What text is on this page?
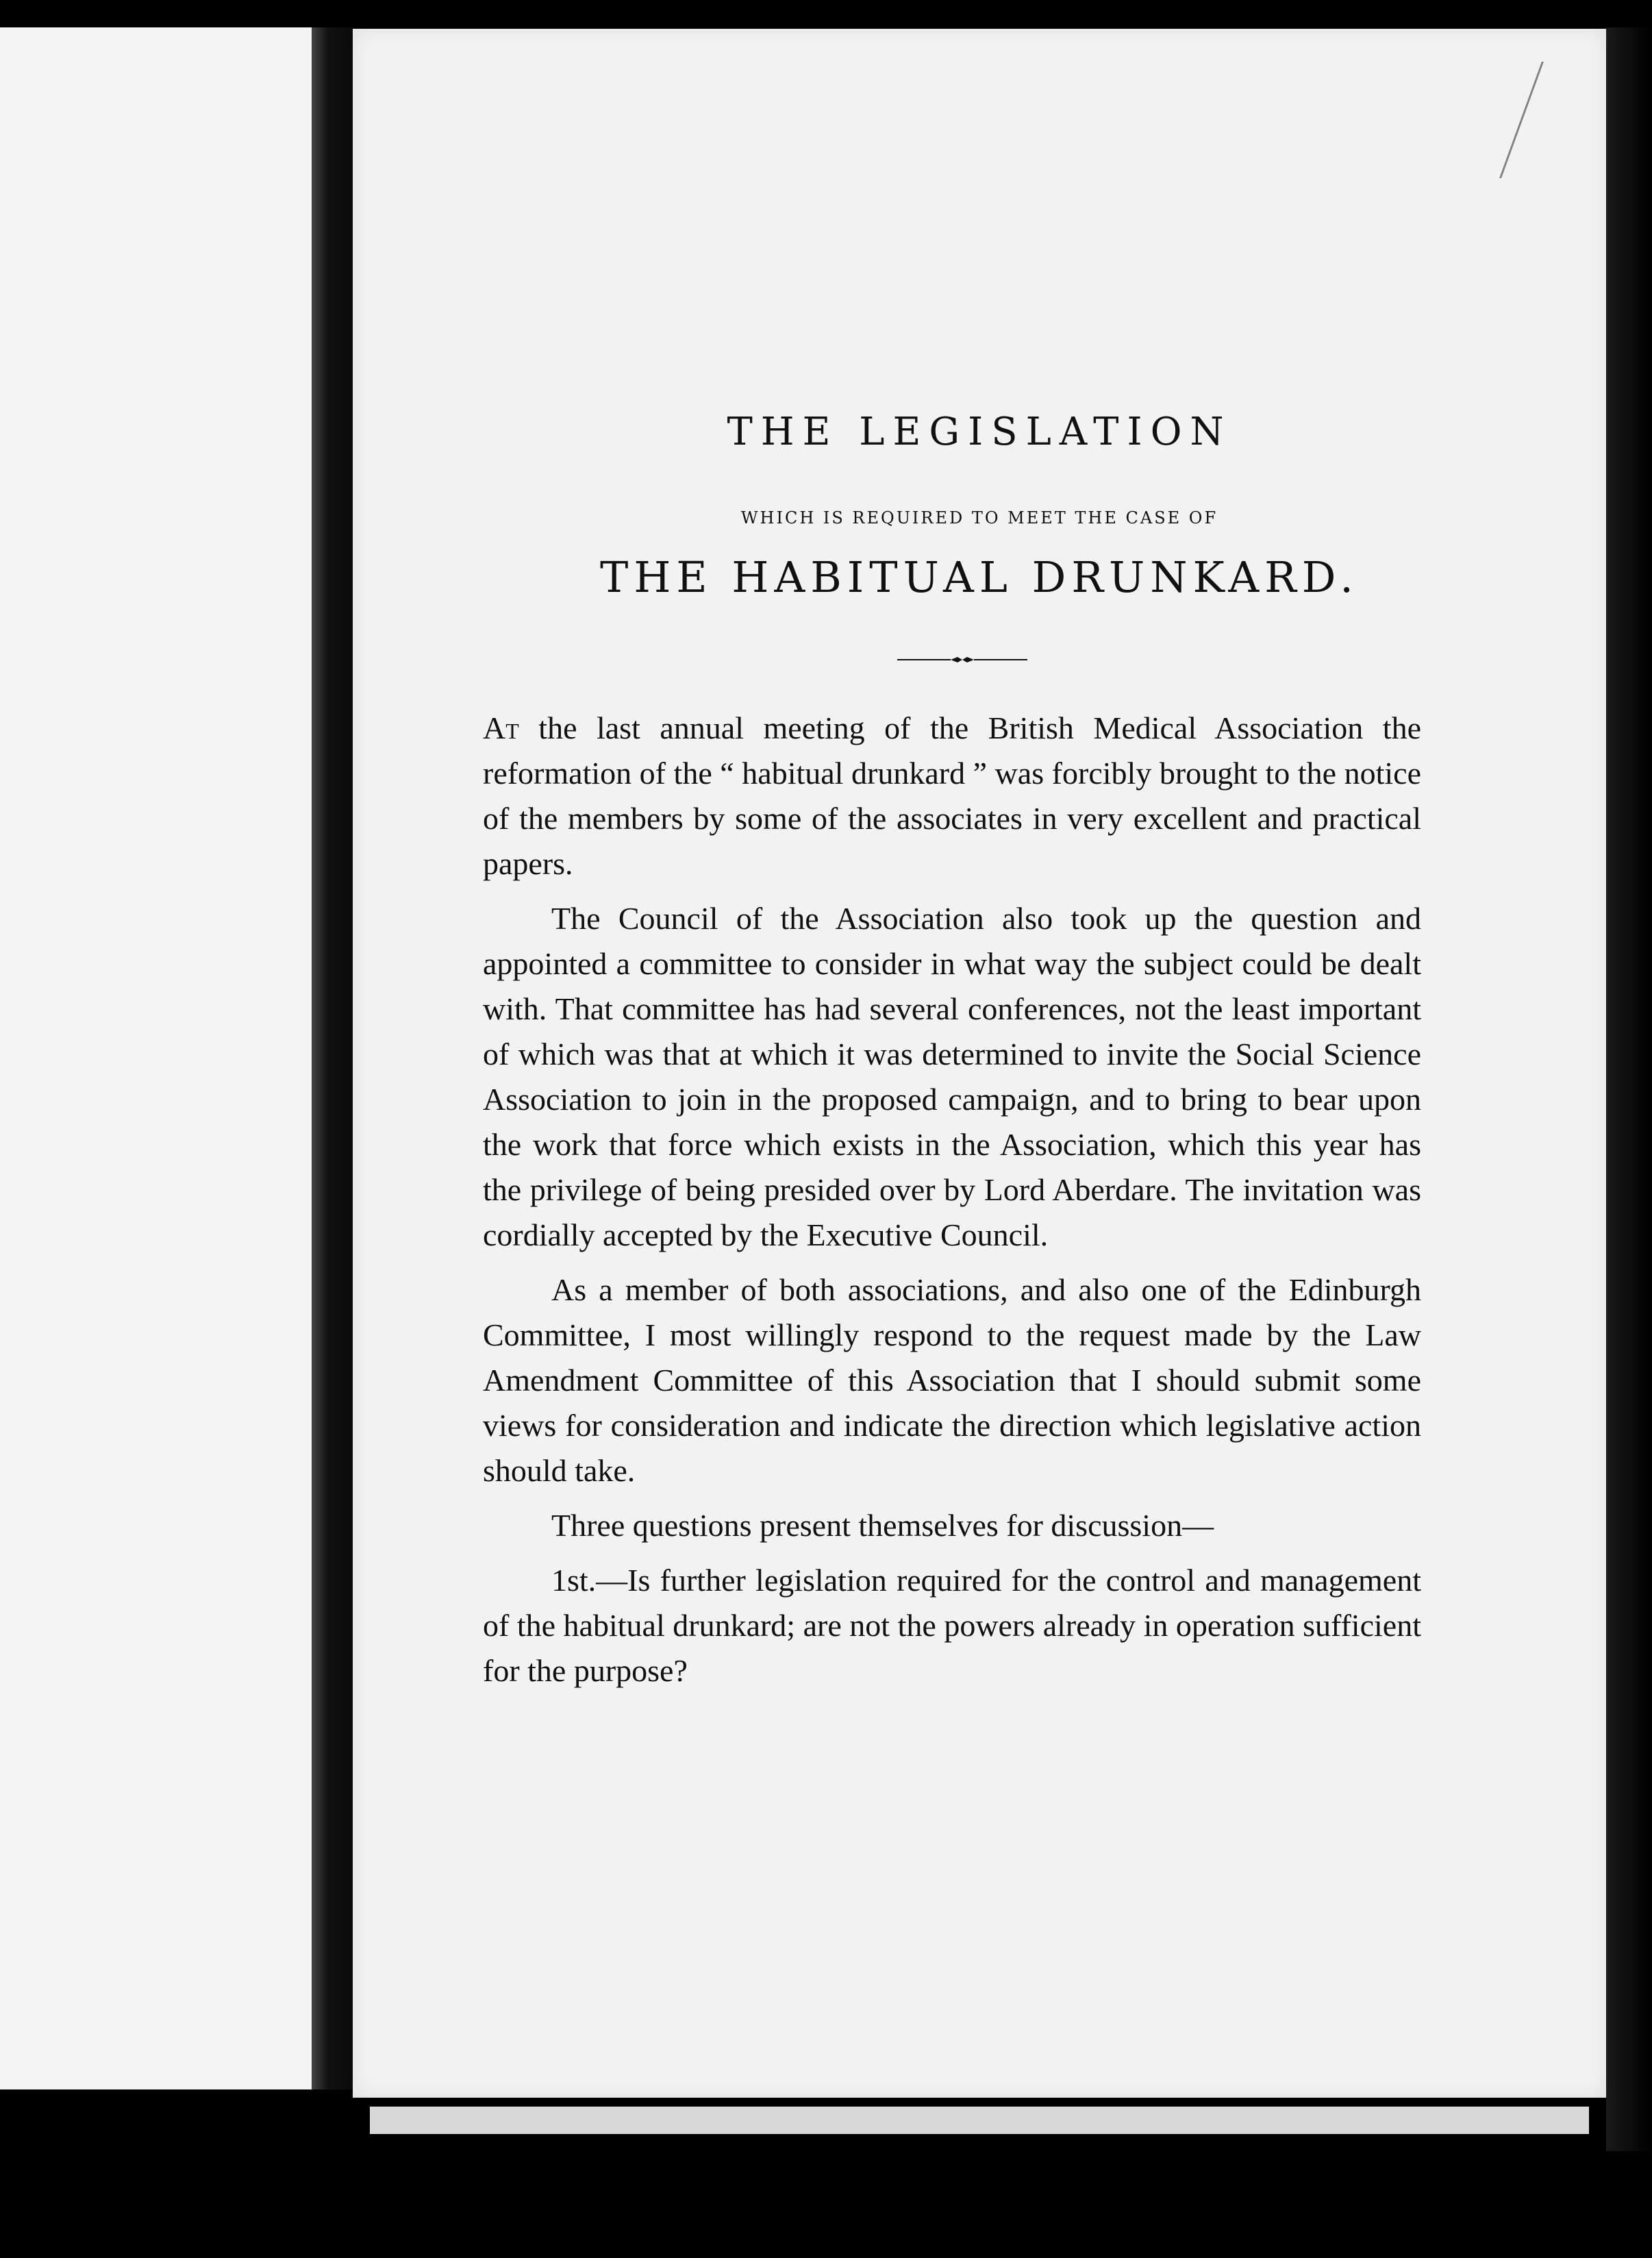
THE LEGISLATION
WHICH IS REQUIRED TO MEET THE CASE OF
THE HABITUAL DRUNKARD.

At the last annual meeting of the British Medical Association the reformation of the “ habitual drunkard ” was forcibly brought to the notice of the members by some of the associates in very excellent and practical papers.

The Council of the Association also took up the question and appointed a committee to consider in what way the subject could be dealt with. That committee has had several conferences, not the least important of which was that at which it was determined to invite the Social Science Association to join in the proposed campaign, and to bring to bear upon the work that force which exists in the Association, which this year has the privilege of being presided over by Lord Aberdare. The invitation was cordially accepted by the Executive Council.

As a member of both associations, and also one of the Edinburgh Committee, I most willingly respond to the request made by the Law Amendment Committee of this Association that I should submit some views for consideration and indicate the direction which legislative action should take.

Three questions present themselves for discussion—

1st.—Is further legislation required for the control and management of the habitual drunkard; are not the powers already in operation sufficient for the purpose?
